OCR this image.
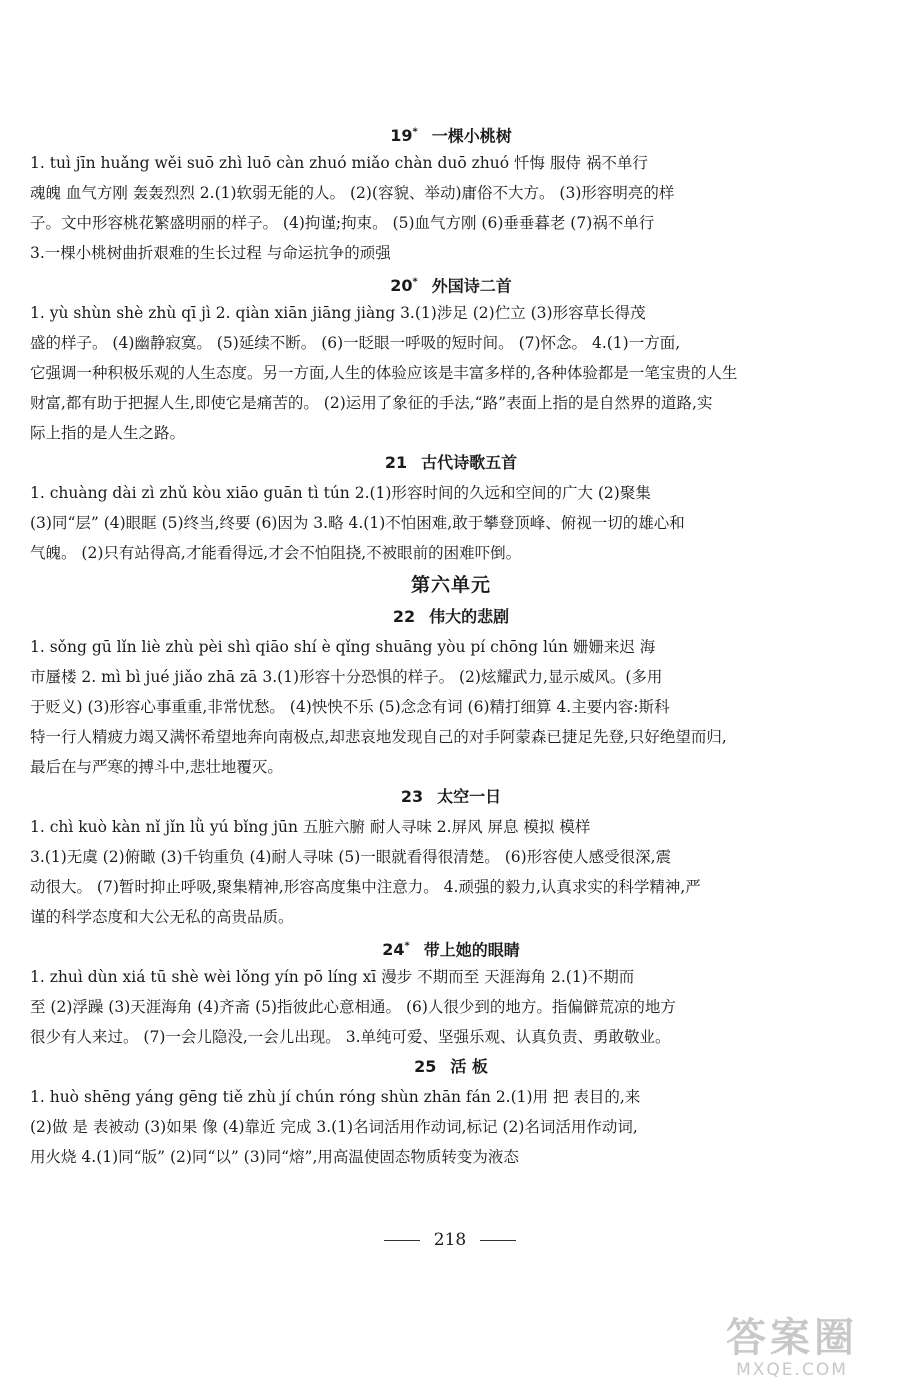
19* 一棵小桃树
1. tuì jīn huǎng wěi suō zhì luō càn zhuó miǎo chàn duō zhuó 忏悔 服侍 祸不单行
魂魄 血气方刚 轰轰烈烈 2.(1)软弱无能的人。 (2)(容貌、举动)庸俗不大方。 (3)形容明亮的样
子。文中形容桃花繁盛明丽的样子。 (4)拘谨;拘束。 (5)血气方刚 (6)垂垂暮老 (7)祸不单行
3.一棵小桃树曲折艰难的生长过程 与命运抗争的顽强
20* 外国诗二首
1. yù shùn shè zhù qī jì 2. qiàn xiān jiāng jiàng 3.(1)涉足 (2)伫立 (3)形容草长得茂
盛的样子。 (4)幽静寂寞。 (5)延续不断。 (6)一眨眼一呼吸的短时间。 (7)怀念。 4.(1)一方面,
它强调一种积极乐观的人生态度。另一方面,人生的体验应该是丰富多样的,各种体验都是一笔宝贵的人生
财富,都有助于把握人生,即使它是痛苦的。 (2)运用了象征的手法,“路”表面上指的是自然界的道路,实
际上指的是人生之路。
21 古代诗歌五首
1. chuàng dài zì zhǔ kòu xiāo guān tì tún 2.(1)形容时间的久远和空间的广大 (2)聚集
(3)同“层” (4)眼眶 (5)终当,终要 (6)因为 3.略 4.(1)不怕困难,敢于攀登顶峰、俯视一切的雄心和
气魄。 (2)只有站得高,才能看得远,才会不怕阻挠,不被眼前的困难吓倒。
第六单元
22 伟大的悲剧
1. sǒng gū lǐn liè zhù pèi shì qiāo shí è qǐng shuāng yòu pí chōng lún 姗姗来迟 海
市蜃楼 2. mì bì jué jiǎo zhā zā 3.(1)形容十分恐惧的样子。 (2)炫耀武力,显示威风。(多用
于贬义) (3)形容心事重重,非常忧愁。 (4)怏怏不乐 (5)念念有词 (6)精打细算 4.主要内容:斯科
特一行人精疲力竭又满怀希望地奔向南极点,却悲哀地发现自己的对手阿蒙森已捷足先登,只好绝望而归,
最后在与严寒的搏斗中,悲壮地覆灭。
23 太空一日
1. chì kuò kàn nǐ jǐn lǜ yú bǐng jūn 五脏六腑 耐人寻味 2.屏风 屏息 模拟 模样
3.(1)无虞 (2)俯瞰 (3)千钧重负 (4)耐人寻味 (5)一眼就看得很清楚。 (6)形容使人感受很深,震
动很大。 (7)暂时抑止呼吸,聚集精神,形容高度集中注意力。 4.顽强的毅力,认真求实的科学精神,严
谨的科学态度和大公无私的高贵品质。
24* 带上她的眼睛
1. zhuì dùn xiá tū shè wèi lǒng yín pō líng xī 漫步 不期而至 天涯海角 2.(1)不期而
至 (2)浮躁 (3)天涯海角 (4)齐斋 (5)指彼此心意相通。 (6)人很少到的地方。指偏僻荒凉的地方
很少有人来过。 (7)一会儿隐没,一会儿出现。 3.单纯可爱、坚强乐观、认真负责、勇敢敬业。
25 活 板
1. huò shēng yáng gēng tiě zhù jí chún róng shùn zhān fán 2.(1)用 把 表目的,来
(2)做 是 表被动 (3)如果 像 (4)靠近 完成 3.(1)名词活用作动词,标记 (2)名词活用作动词,
用火烧 4.(1)同“版” (2)同“以” (3)同“熔”,用高温使固态物质转变为液态
218
答案圈
MXQE.COM
